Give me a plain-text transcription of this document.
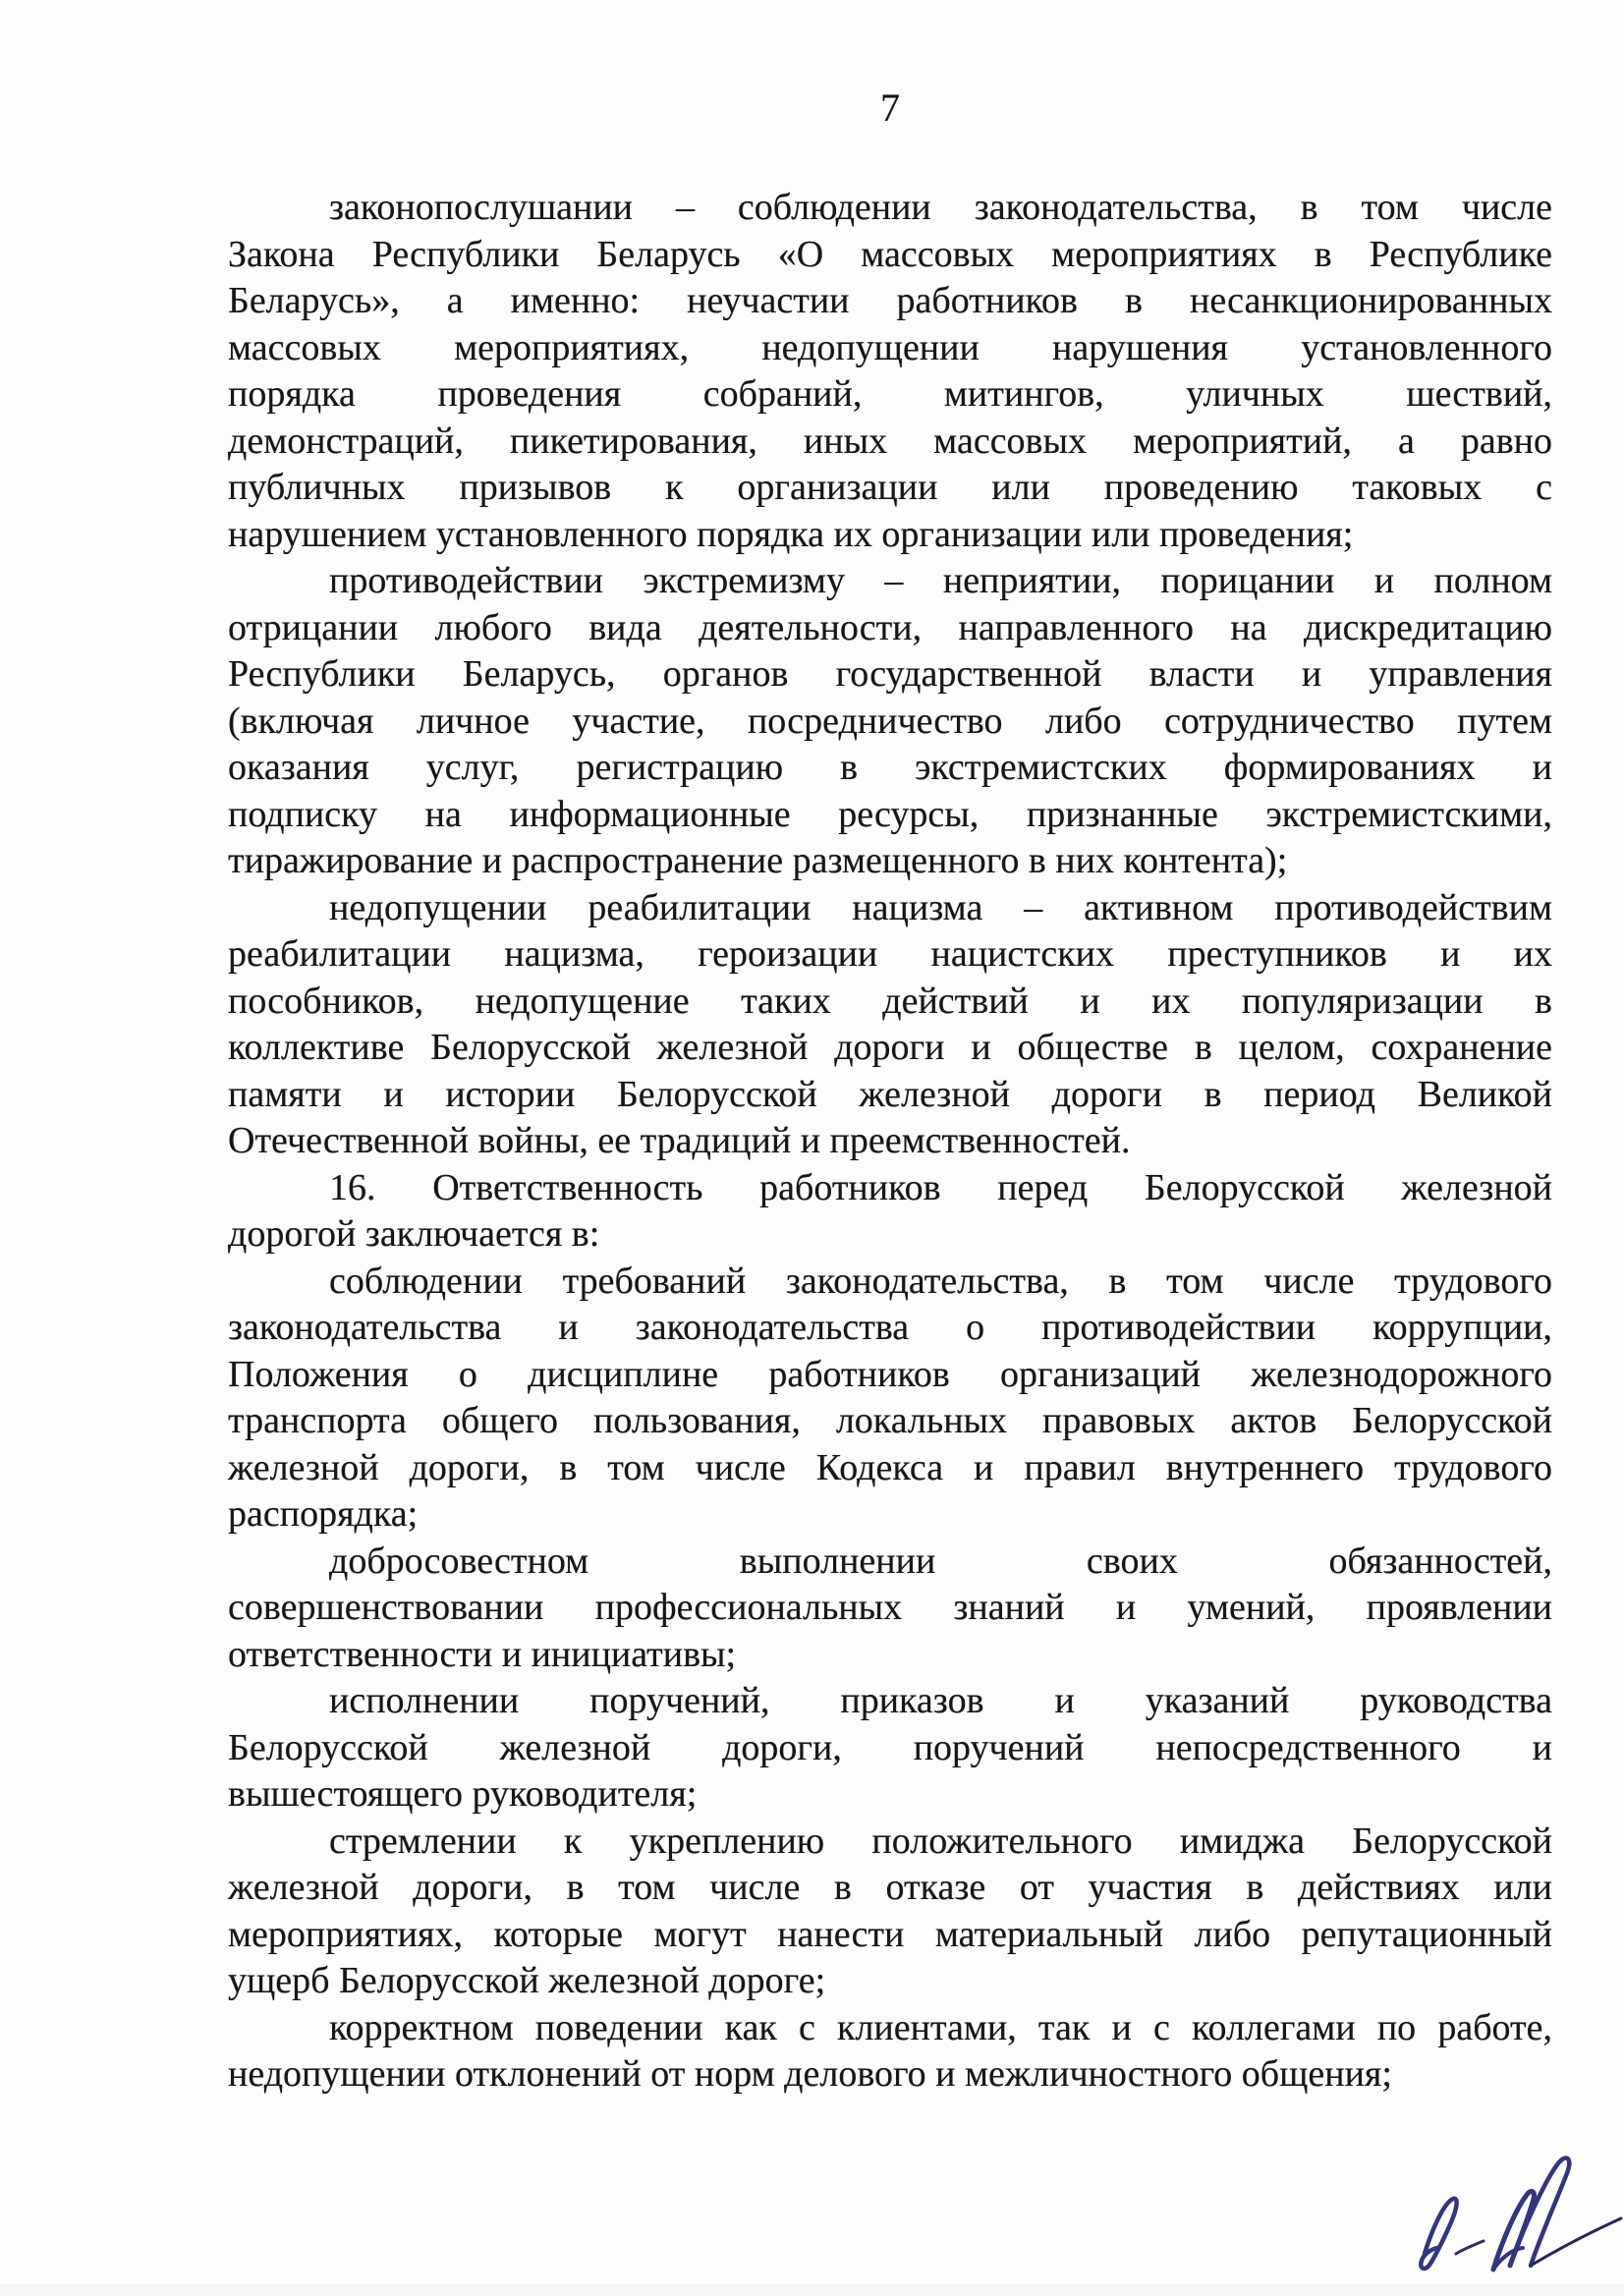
7
законопослушании – соблюдении законодательства, в том числе
Закона Республики Беларусь «О массовых мероприятиях в Республике
Беларусь», а именно: неучастии работников в несанкционированных
массовых мероприятиях, недопущении нарушения установленного
порядка проведения собраний, митингов, уличных шествий,
демонстраций, пикетирования, иных массовых мероприятий, а равно
публичных призывов к организации или проведению таковых с
нарушением установленного порядка их организации или проведения;
противодействии экстремизму – неприятии, порицании и полном
отрицании любого вида деятельности, направленного на дискредитацию
Республики Беларусь, органов государственной власти и управления
(включая личное участие, посредничество либо сотрудничество путем
оказания услуг, регистрацию в экстремистских формированиях и
подписку на информационные ресурсы, признанные экстремистскими,
тиражирование и распространение размещенного в них контента);
недопущении реабилитации нацизма – активном противодействим
реабилитации нацизма, героизации нацистских преступников и их
пособников, недопущение таких действий и их популяризации в
коллективе Белорусской железной дороги и обществе в целом, сохранение
памяти и истории Белорусской железной дороги в период Великой
Отечественной войны, ее традиций и преемственностей.
16. Ответственность работников перед Белорусской железной
дорогой заключается в:
соблюдении требований законодательства, в том числе трудового
законодательства и законодательства о противодействии коррупции,
Положения о дисциплине работников организаций железнодорожного
транспорта общего пользования, локальных правовых актов Белорусской
железной дороги, в том числе Кодекса и правил внутреннего трудового
распорядка;
добросовестном выполнении своих обязанностей,
совершенствовании профессиональных знаний и умений, проявлении
ответственности и инициативы;
исполнении поручений, приказов и указаний руководства
Белорусской железной дороги, поручений непосредственного и
вышестоящего руководителя;
стремлении к укреплению положительного имиджа Белорусской
железной дороги, в том числе в отказе от участия в действиях или
мероприятиях, которые могут нанести материальный либо репутационный
ущерб Белорусской железной дороге;
корректном поведении как с клиентами, так и с коллегами по работе,
недопущении отклонений от норм делового и межличностного общения;
